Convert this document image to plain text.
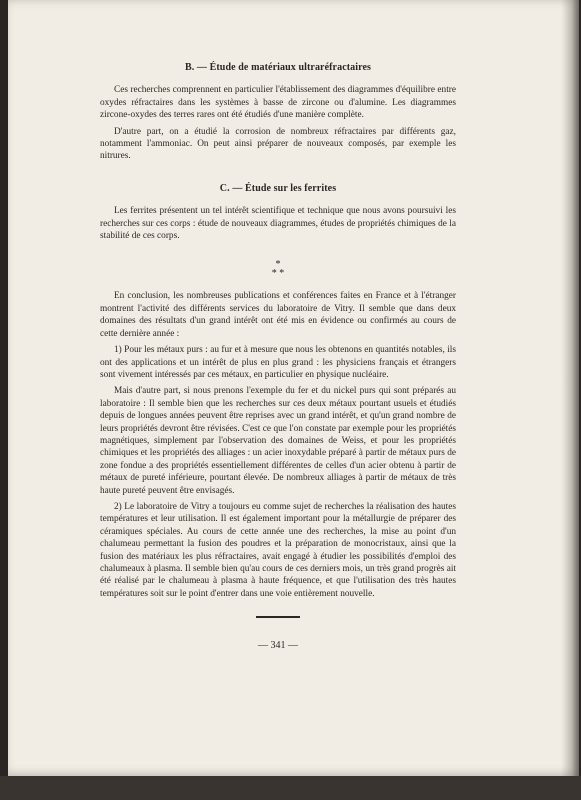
B. — Étude de matériaux ultraréfractaires
Ces recherches comprennent en particulier l'établissement des diagrammes d'équilibre entre oxydes réfractaires dans les systèmes à basse de zircone ou d'alumine. Les diagrammes zircone-oxydes des terres rares ont été étudiés d'une manière complète.
D'autre part, on a étudié la corrosion de nombreux réfractaires par différents gaz, notamment l'ammoniac. On peut ainsi préparer de nouveaux composés, par exemple les nitrures.
C. — Étude sur les ferrites
Les ferrites présentent un tel intérêt scientifique et technique que nous avons poursuivi les recherches sur ces corps : étude de nouveaux diagrammes, études de propriétés chimiques de la stabilité de ces corps.
*
* *
En conclusion, les nombreuses publications et conférences faites en France et à l'étranger montrent l'activité des différents services du laboratoire de Vitry. Il semble que dans deux domaines des résultats d'un grand intérêt ont été mis en évidence ou confirmés au cours de cette dernière année :
1) Pour les métaux purs : au fur et à mesure que nous les obtenons en quantités notables, ils ont des applications et un intérêt de plus en plus grand : les physiciens français et étrangers sont vivement intéressés par ces métaux, en particulier en physique nucléaire.
Mais d'autre part, si nous prenons l'exemple du fer et du nickel purs qui sont préparés au laboratoire : Il semble bien que les recherches sur ces deux métaux pourtant usuels et étudiés depuis de longues années peuvent être reprises avec un grand intérêt, et qu'un grand nombre de leurs propriétés devront être révisées. C'est ce que l'on constate par exemple pour les propriétés magnétiques, simplement par l'observation des domaines de Weiss, et pour les propriétés chimiques et les propriétés des alliages : un acier inoxydable préparé à partir de métaux purs de zone fondue a des propriétés essentiellement différentes de celles d'un acier obtenu à partir de métaux de pureté inférieure, pourtant élevée. De nombreux alliages à partir de métaux de très haute pureté peuvent être envisagés.
2) Le laboratoire de Vitry a toujours eu comme sujet de recherches la réalisation des hautes températures et leur utilisation. Il est également important pour la métallurgie de préparer des céramiques spéciales. Au cours de cette année une des recherches, la mise au point d'un chalumeau permettant la fusion des poudres et la préparation de monocristaux, ainsi que la fusion des matériaux les plus réfractaires, avait engagé à étudier les possibilités d'emploi des chalumeaux à plasma. Il semble bien qu'au cours de ces derniers mois, un très grand progrès ait été réalisé par le chalumeau à plasma à haute fréquence, et que l'utilisation des très hautes températures soit sur le point d'entrer dans une voie entièrement nouvelle.
— 341 —
